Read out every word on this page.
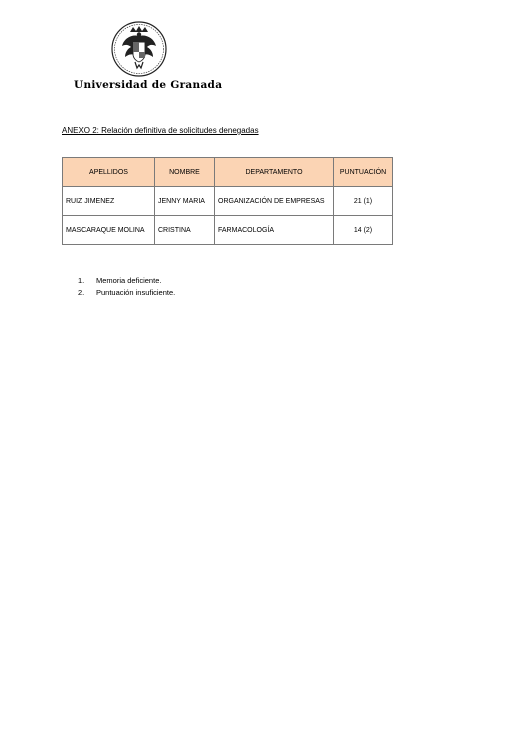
Universidad de Granada
ANEXO 2: Relación definitiva de solicitudes denegadas
APELLIDOS	NOMBRE	DEPARTAMENTO	PUNTUACIÓN
RUIZ JIMENEZ	JENNY MARIA	ORGANIZACIÓN DE EMPRESAS	21 (1)
MASCARAQUE MOLINA	CRISTINA	FARMACOLOGÍA	14 (2)
1. Memoria deficiente.
2. Puntuación insuficiente.
